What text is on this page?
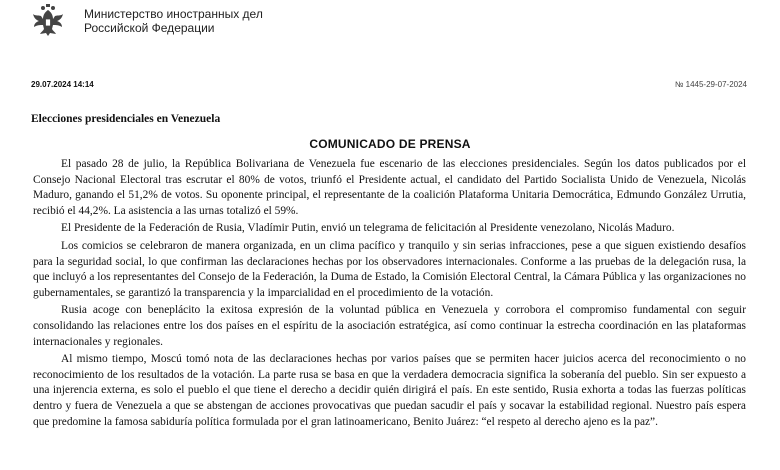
Министерство иностранных дел
Российской Федерации
29.07.2024 14:14	№ 1445-29-07-2024
Elecciones presidenciales en Venezuela
COMUNICADO DE PRENSA

El pasado 28 de julio, la República Bolivariana de Venezuela fue escenario de las elecciones presidenciales. Según los datos publicados por el Consejo Nacional Electoral tras escrutar el 80% de votos, triunfó el Presidente actual, el candidato del Partido Socialista Unido de Venezuela, Nicolás Maduro, ganando el 51,2% de votos. Su oponente principal, el representante de la coalición Plataforma Unitaria Democrática, Edmundo González Urrutia, recibió el 44,2%. La asistencia a las urnas totalizó el 59%.

El Presidente de la Federación de Rusia, Vladímir Putin, envió un telegrama de felicitación al Presidente venezolano, Nicolás Maduro.

Los comicios se celebraron de manera organizada, en un clima pacífico y tranquilo y sin serias infracciones, pese a que siguen existiendo desafíos para la seguridad social, lo que confirman las declaraciones hechas por los observadores internacionales. Conforme a las pruebas de la delegación rusa, la que incluyó a los representantes del Consejo de la Federación, la Duma de Estado, la Comisión Electoral Central, la Cámara Pública y las organizaciones no gubernamentales, se garantizó la transparencia y la imparcialidad en el procedimiento de la votación.

Rusia acoge con beneplácito la exitosa expresión de la voluntad pública en Venezuela y corrobora el compromiso fundamental con seguir consolidando las relaciones entre los dos países en el espíritu de la asociación estratégica, así como continuar la estrecha coordinación en las plataformas internacionales y regionales.

Al mismo tiempo, Moscú tomó nota de las declaraciones hechas por varios países que se permiten hacer juicios acerca del reconocimiento o no reconocimiento de los resultados de la votación. La parte rusa se basa en que la verdadera democracia significa la soberanía del pueblo. Sin ser expuesto a una injerencia externa, es solo el pueblo el que tiene el derecho a decidir quién dirigirá el país. En este sentido, Rusia exhorta a todas las fuerzas políticas dentro y fuera de Venezuela a que se abstengan de acciones provocativas que puedan sacudir el país y socavar la estabilidad regional. Nuestro país espera que predomine la famosa sabiduría política formulada por el gran latinoamericano, Benito Juárez: “el respeto al derecho ajeno es la paz”.
